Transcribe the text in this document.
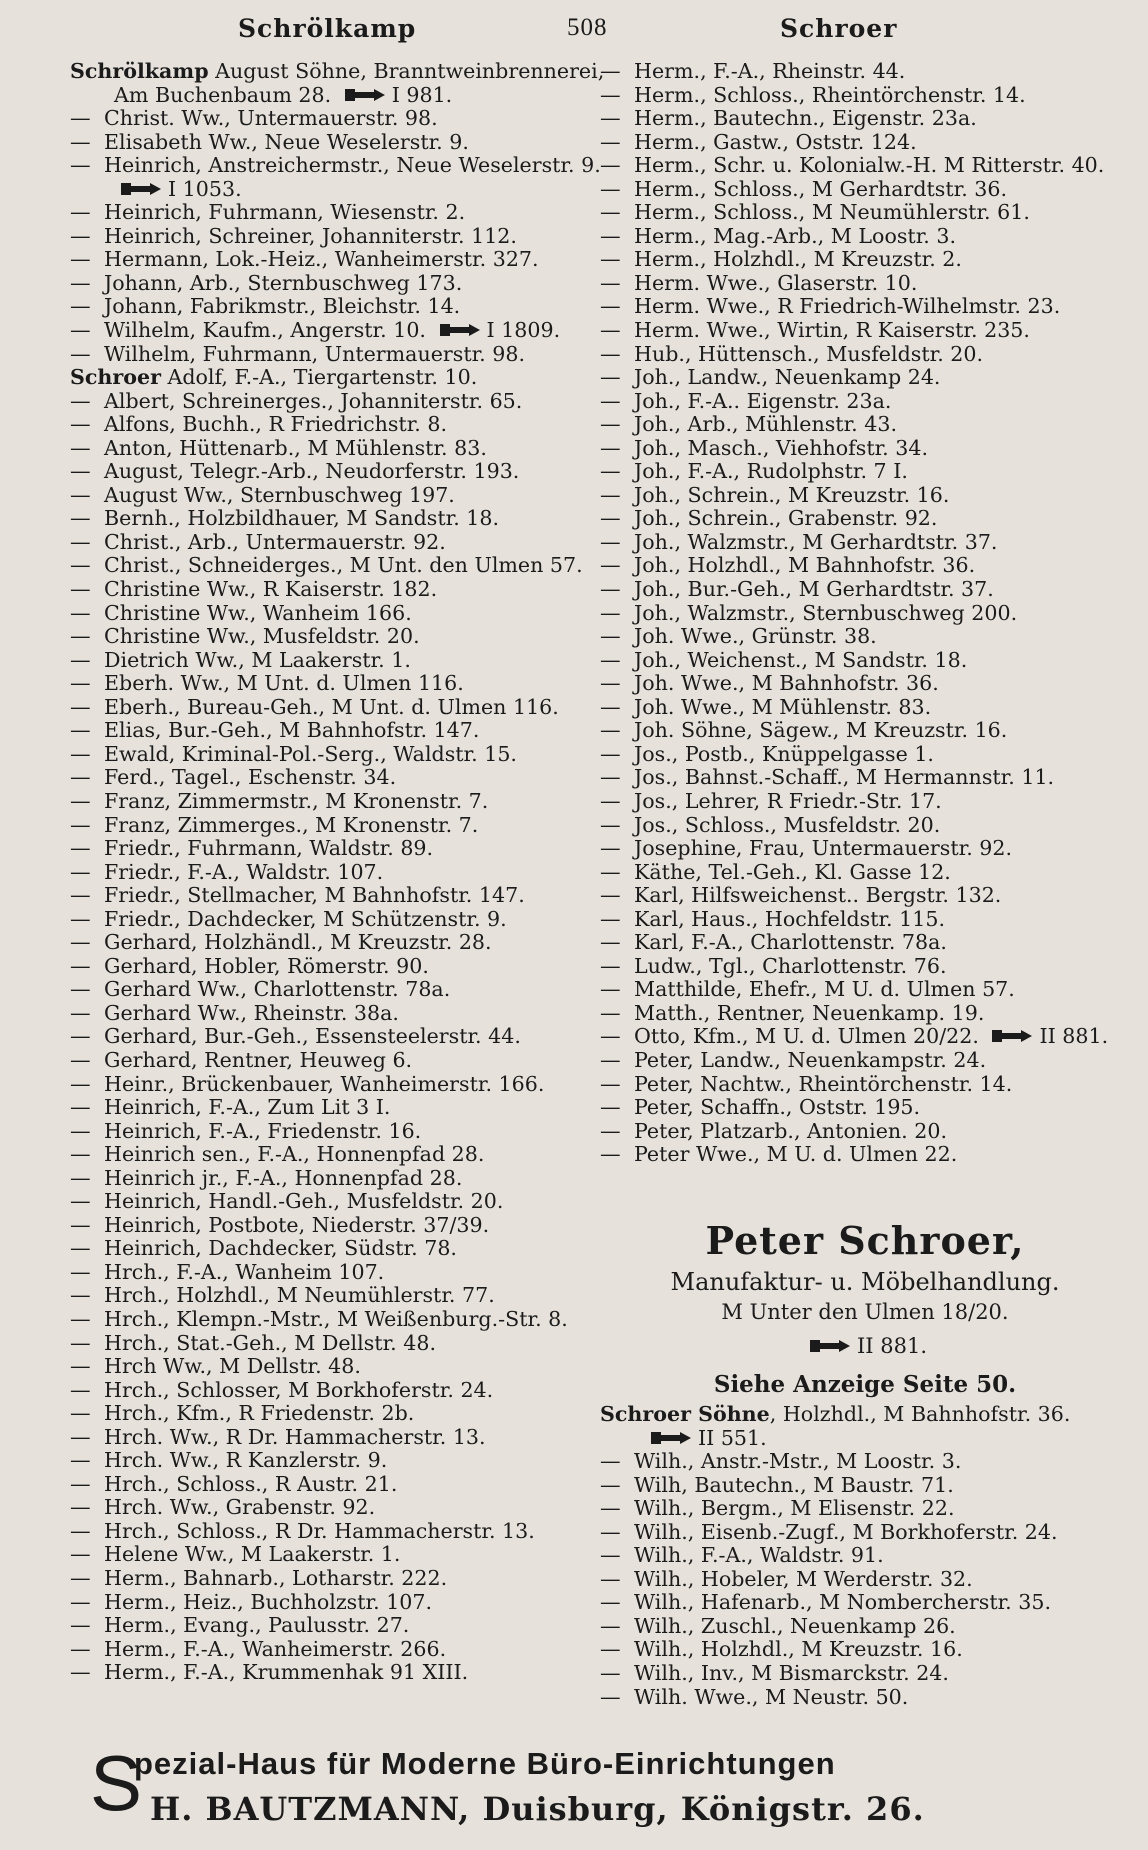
Schrölkamp	508	Schroer
Schrölkamp August Söhne, Branntweinbrennerei,
Am Buchenbaum 28.	I 981.
— Christ. Ww., Untermauerstr. 98.
— Elisabeth Ww., Neue Weselerstr. 9.
— Heinrich, Anstreichermstr., Neue Weselerstr. 9.
I 1053.
— Heinrich, Fuhrmann, Wiesenstr. 2.
— Heinrich, Schreiner, Johanniterstr. 112.
— Hermann, Lok.-Heiz., Wanheimerstr. 327.
— Johann, Arb., Sternbuschweg 173.
— Johann, Fabrikmstr., Bleichstr. 14.
— Wilhelm, Kaufm., Angerstr. 10.	I 1809.
— Wilhelm, Fuhrmann, Untermauerstr. 98.
Schroer Adolf, F.-A., Tiergartenstr. 10.
— Albert, Schreinerges., Johanniterstr. 65.
— Alfons, Buchh., R Friedrichstr. 8.
— Anton, Hüttenarb., M Mühlenstr. 83.
— August, Telegr.-Arb., Neudorferstr. 193.
— August Ww., Sternbuschweg 197.
— Bernh., Holzbildhauer, M Sandstr. 18.
— Christ., Arb., Untermauerstr. 92.
— Christ., Schneiderges., M Unt. den Ulmen 57.
— Christine Ww., R Kaiserstr. 182.
— Christine Ww., Wanheim 166.
— Christine Ww., Musfeldstr. 20.
— Dietrich Ww., M Laakerstr. 1.
— Eberh. Ww., M Unt. d. Ulmen 116.
— Eberh., Bureau-Geh., M Unt. d. Ulmen 116.
— Elias, Bur.-Geh., M Bahnhofstr. 147.
— Ewald, Kriminal-Pol.-Serg., Waldstr. 15.
— Ferd., Tagel., Eschenstr. 34.
— Franz, Zimmermstr., M Kronenstr. 7.
— Franz, Zimmerges., M Kronenstr. 7.
— Friedr., Fuhrmann, Waldstr. 89.
— Friedr., F.-A., Waldstr. 107.
— Friedr., Stellmacher, M Bahnhofstr. 147.
— Friedr., Dachdecker, M Schützenstr. 9.
— Gerhard, Holzhändl., M Kreuzstr. 28.
— Gerhard, Hobler, Römerstr. 90.
— Gerhard Ww., Charlottenstr. 78a.
— Gerhard Ww., Rheinstr. 38a.
— Gerhard, Bur.-Geh., Essensteelerstr. 44.
— Gerhard, Rentner, Heuweg 6.
— Heinr., Brückenbauer, Wanheimerstr. 166.
— Heinrich, F.-A., Zum Lit 3 I.
— Heinrich, F.-A., Friedenstr. 16.
— Heinrich sen., F.-A., Honnenpfad 28.
— Heinrich jr., F.-A., Honnenpfad 28.
— Heinrich, Handl.-Geh., Musfeldstr. 20.
— Heinrich, Postbote, Niederstr. 37/39.
— Heinrich, Dachdecker, Südstr. 78.
— Hrch., F.-A., Wanheim 107.
— Hrch., Holzhdl., M Neumühlerstr. 77.
— Hrch., Klempn.-Mstr., M Weißenburg.-Str. 8.
— Hrch., Stat.-Geh., M Dellstr. 48.
— Hrch Ww., M Dellstr. 48.
— Hrch., Schlosser, M Borkhoferstr. 24.
— Hrch., Kfm., R Friedenstr. 2b.
— Hrch. Ww., R Dr. Hammacherstr. 13.
— Hrch. Ww., R Kanzlerstr. 9.
— Hrch., Schloss., R Austr. 21.
— Hrch. Ww., Grabenstr. 92.
— Hrch., Schloss., R Dr. Hammacherstr. 13.
— Helene Ww., M Laakerstr. 1.
— Herm., Bahnarb., Lotharstr. 222.
— Herm., Heiz., Buchholzstr. 107.
— Herm., Evang., Paulusstr. 27.
— Herm., F.-A., Wanheimerstr. 266.
— Herm., F.-A., Krummenhak 91 XIII.
— Herm., F.-A., Rheinstr. 44.
— Herm., Schloss., Rheintörchenstr. 14.
— Herm., Bautechn., Eigenstr. 23a.
— Herm., Gastw., Oststr. 124.
— Herm., Schr. u. Kolonialw.-H. M Ritterstr. 40.
— Herm., Schloss., M Gerhardtstr. 36.
— Herm., Schloss., M Neumühlerstr. 61.
— Herm., Mag.-Arb., M Loostr. 3.
— Herm., Holzhdl., M Kreuzstr. 2.
— Herm. Wwe., Glaserstr. 10.
— Herm. Wwe., R Friedrich-Wilhelmstr. 23.
— Herm. Wwe., Wirtin, R Kaiserstr. 235.
— Hub., Hüttensch., Musfeldstr. 20.
— Joh., Landw., Neuenkamp 24.
— Joh., F.-A.. Eigenstr. 23a.
— Joh., Arb., Mühlenstr. 43.
— Joh., Masch., Viehhofstr. 34.
— Joh., F.-A., Rudolphstr. 7 I.
— Joh., Schrein., M Kreuzstr. 16.
— Joh., Schrein., Grabenstr. 92.
— Joh., Walzmstr., M Gerhardtstr. 37.
— Joh., Holzhdl., M Bahnhofstr. 36.
— Joh., Bur.-Geh., M Gerhardtstr. 37.
— Joh., Walzmstr., Sternbuschweg 200.
— Joh. Wwe., Grünstr. 38.
— Joh., Weichenst., M Sandstr. 18.
— Joh. Wwe., M Bahnhofstr. 36.
— Joh. Wwe., M Mühlenstr. 83.
— Joh. Söhne, Sägew., M Kreuzstr. 16.
— Jos., Postb., Knüppelgasse 1.
— Jos., Bahnst.-Schaff., M Hermannstr. 11.
— Jos., Lehrer, R Friedr.-Str. 17.
— Jos., Schloss., Musfeldstr. 20.
— Josephine, Frau, Untermauerstr. 92.
— Käthe, Tel.-Geh., Kl. Gasse 12.
— Karl, Hilfsweichenst.. Bergstr. 132.
— Karl, Haus., Hochfeldstr. 115.
— Karl, F.-A., Charlottenstr. 78a.
— Ludw., Tgl., Charlottenstr. 76.
— Matthilde, Ehefr., M U. d. Ulmen 57.
— Matth., Rentner, Neuenkamp. 19.
— Otto, Kfm., M U. d. Ulmen 20/22.	II 881.
— Peter, Landw., Neuenkampstr. 24.
— Peter, Nachtw., Rheintörchenstr. 14.
— Peter, Schaffn., Oststr. 195.
— Peter, Platzarb., Antonien. 20.
— Peter Wwe., M U. d. Ulmen 22.
Peter Schroer,
Manufaktur- u. Möbelhandlung.
M Unter den Ulmen 18/20.
II 881.
Siehe Anzeige Seite 50.
Schroer Söhne, Holzhdl., M Bahnhofstr. 36.
II 551.
— Wilh., Anstr.-Mstr., M Loostr. 3.
— Wilh, Bautechn., M Baustr. 71.
— Wilh., Bergm., M Elisenstr. 22.
— Wilh., Eisenb.-Zugf., M Borkhoferstr. 24.
— Wilh., F.-A., Waldstr. 91.
— Wilh., Hobeler, M Werderstr. 32.
— Wilh., Hafenarb., M Nombercherstr. 35.
— Wilh., Zuschl., Neuenkamp 26.
— Wilh., Holzhdl., M Kreuzstr. 16.
— Wilh., Inv., M Bismarckstr. 24.
— Wilh. Wwe., M Neustr. 50.
S
pezial-Haus für Moderne Büro-Einrichtungen
H. BAUTZMANN, Duisburg, Königstr. 26.
